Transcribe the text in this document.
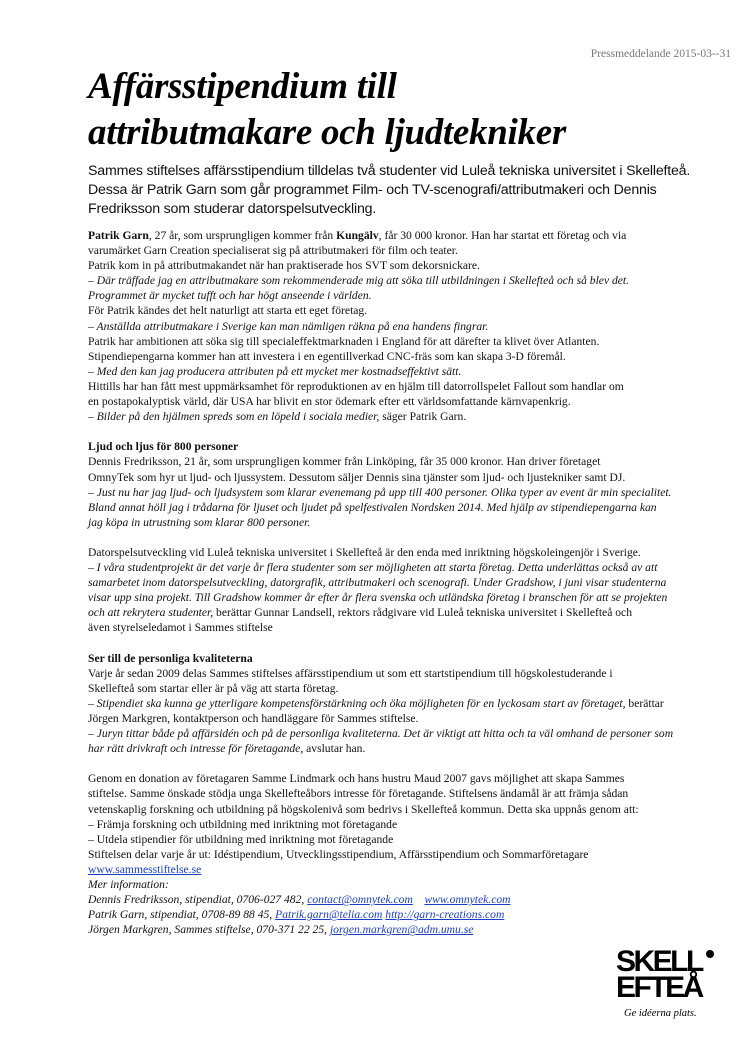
Pressmeddelande 2015-03--31
Affärsstipendium till
attributmakare och ljudtekniker
Sammes stiftelses affärsstipendium tilldelas två studenter vid Luleå tekniska universitet i Skellefteå.
Dessa är Patrik Garn som går programmet Film- och TV-scenografi/attributmakeri och Dennis
Fredriksson som studerar datorspelsutveckling.
Patrik Garn, 27 år, som ursprungligen kommer från Kungälv, får 30 000 kronor. Han har startat ett företag och via
varumärket Garn Creation specialiserat sig på attributmakeri för film och teater.
Patrik kom in på attributmakandet när han praktiserade hos SVT som dekorsnickare.
– Där träffade jag en attributmakare som rekommenderade mig att söka till utbildningen i Skellefteå och så blev det.
Programmet är mycket tufft och har högt anseende i världen.
För Patrik kändes det helt naturligt att starta ett eget företag.
– Anställda attributmakare i Sverige kan man nämligen räkna på ena handens fingrar.
Patrik har ambitionen att söka sig till specialeffektmarknaden i England för att därefter ta klivet över Atlanten.
Stipendiepengarna kommer han att investera i en egentillverkad CNC-fräs som kan skapa 3-D föremål.
– Med den kan jag producera attributen på ett mycket mer kostnadseffektivt sätt.
Hittills har han fått mest uppmärksamhet för reproduktionen av en hjälm till datorrollspelet Fallout som handlar om
en postapokalyptisk värld, där USA har blivit en stor ödemark efter ett världsomfattande kärnvapenkrig.
– Bilder på den hjälmen spreds som en löpeld i sociala medier, säger Patrik Garn.
Ljud och ljus för 800 personer
Dennis Fredriksson, 21 år, som ursprungligen kommer från Linköping, får 35 000 kronor. Han driver företaget
OmnyTek som hyr ut ljud- och ljussystem. Dessutom säljer Dennis sina tjänster som ljud- och ljustekniker samt DJ.
– Just nu har jag ljud- och ljudsystem som klarar evenemang på upp till 400 personer. Olika typer av event är min specialitet.
Bland annat höll jag i trådarna för ljuset och ljudet på spelfestivalen Nordsken 2014. Med hjälp av stipendiepengarna kan
jag köpa in utrustning som klarar 800 personer.
Datorspelsutveckling vid Luleå tekniska universitet i Skellefteå är den enda med inriktning högskoleingenjör i Sverige.
– I våra studentprojekt är det varje år flera studenter som ser möjligheten att starta företag. Detta underlättas också av att
samarbetet inom datorspelsutveckling, datorgrafik, attributmakeri och scenografi. Under Gradshow, i juni visar studenterna
visar upp sina projekt. Till Gradshow kommer år efter år flera svenska och utländska företag i branschen för att se projekten
och att rekrytera studenter, berättar Gunnar Landsell, rektors rådgivare vid Luleå tekniska universitet i Skellefteå och
även styrelseledamot i Sammes stiftelse
Ser till de personliga kvaliteterna
Varje år sedan 2009 delas Sammes stiftelses affärsstipendium ut som ett startstipendium till högskolestuderande i
Skellefteå som startar eller är på väg att starta företag.
– Stipendiet ska kunna ge ytterligare kompetensförstärkning och öka möjligheten för en lyckosam start av företaget, berättar
Jörgen Markgren, kontaktperson och handläggare för Sammes stiftelse.
– Juryn tittar både på affärsidén och på de personliga kvaliteterna. Det är viktigt att hitta och ta väl omhand de personer som
har rätt drivkraft och intresse för företagande, avslutar han.
Genom en donation av företagaren Samme Lindmark och hans hustru Maud 2007 gavs möjlighet att skapa Sammes
stiftelse. Samme önskade stödja unga Skellefteåbors intresse för företagande. Stiftelsens ändamål är att främja sådan
vetenskaplig forskning och utbildning på högskolenivå som bedrivs i Skellefteå kommun. Detta ska uppnås genom att:
– Främja forskning och utbildning med inriktning mot företagande
– Utdela stipendier för utbildning med inriktning mot företagande
Stiftelsen delar varje år ut: Idéstipendium, Utvecklingsstipendium, Affärsstipendium och Sommarföretagare
www.sammesstiftelse.se
Mer information:
Dennis Fredriksson, stipendiat, 0706-027 482, contact@omnytek.com www.omnytek.com
Patrik Garn, stipendiat, 0708-89 88 45, Patrik.garn@telia.com http://garn-creations.com
Jörgen Markgren, Sammes stiftelse, 070-371 22 25, jorgen.markgren@adm.umu.se
SKELL
EFTEÅ
Ge idéerna plats.
